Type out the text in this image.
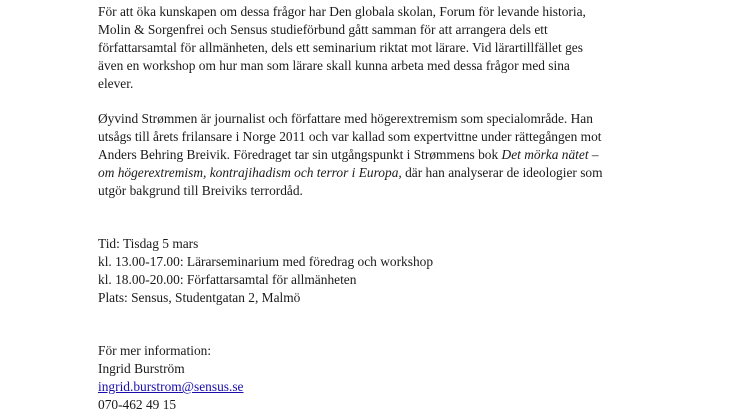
För att öka kunskapen om dessa frågor har Den globala skolan, Forum för levande historia,
Molin & Sorgenfrei och Sensus studieförbund gått samman för att arrangera dels ett
författarsamtal för allmänheten, dels ett seminarium riktat mot lärare. Vid lärartillfället ges
även en workshop om hur man som lärare skall kunna arbeta med dessa frågor med sina
elever.
Øyvind Strømmen är journalist och författare med högerextremism som specialområde. Han
utsågs till årets frilansare i Norge 2011 och var kallad som expertvittne under rättegången mot
Anders Behring Breivik. Föredraget tar sin utgångspunkt i Strømmens bok Det mörka nätet –
om högerextremism, kontrajihadism och terror i Europa, där han analyserar de ideologier som
utgör bakgrund till Breiviks terrordåd.
Tid: Tisdag 5 mars
kl. 13.00-17.00: Lärarseminarium med föredrag och workshop
kl. 18.00-20.00: Författarsamtal för allmänheten
Plats: Sensus, Studentgatan 2, Malmö
För mer information:
Ingrid Burström
ingrid.burstrom@sensus.se
070-462 49 15
